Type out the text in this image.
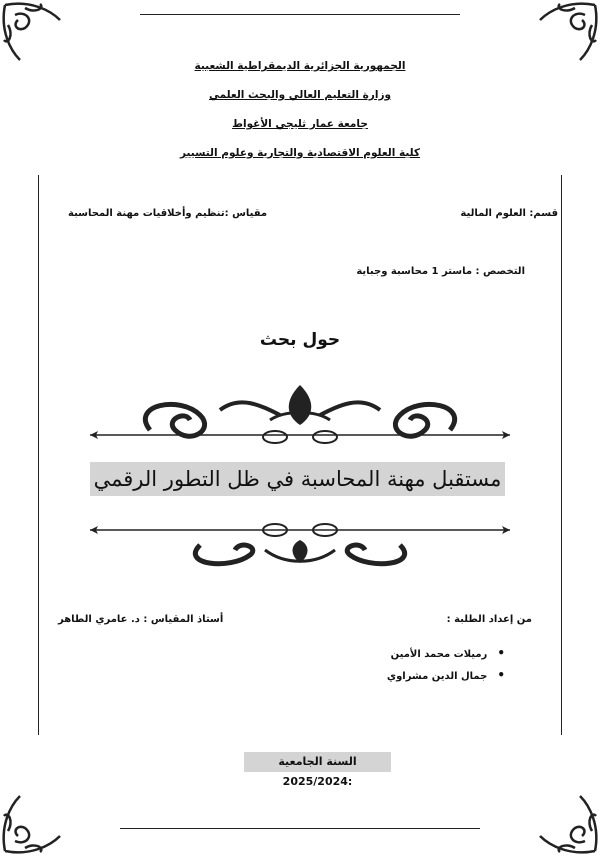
الجمهورية الجزائرية الديمقراطية الشعبية
وزارة التعليم العالي والبحث العلمي
جامعة عمار ثليجي الأغواط
كلية العلوم الاقتصادية والتجارية وعلوم التسيير
قسم: العلوم المالية
مقياس :تنظيم وأخلاقيات مهنة المحاسبة
التخصص : ماستر 1 محاسبة وجباية
حول بحث
مستقبل مهنة المحاسبة في ظل التطور الرقمي
من إعداد الطلبة :
أستاذ المقياس : د. عامري الطاهر
• رميلات محمد الأمين
• جمال الدين مشراوي
السنة الجامعية :2025/2024
